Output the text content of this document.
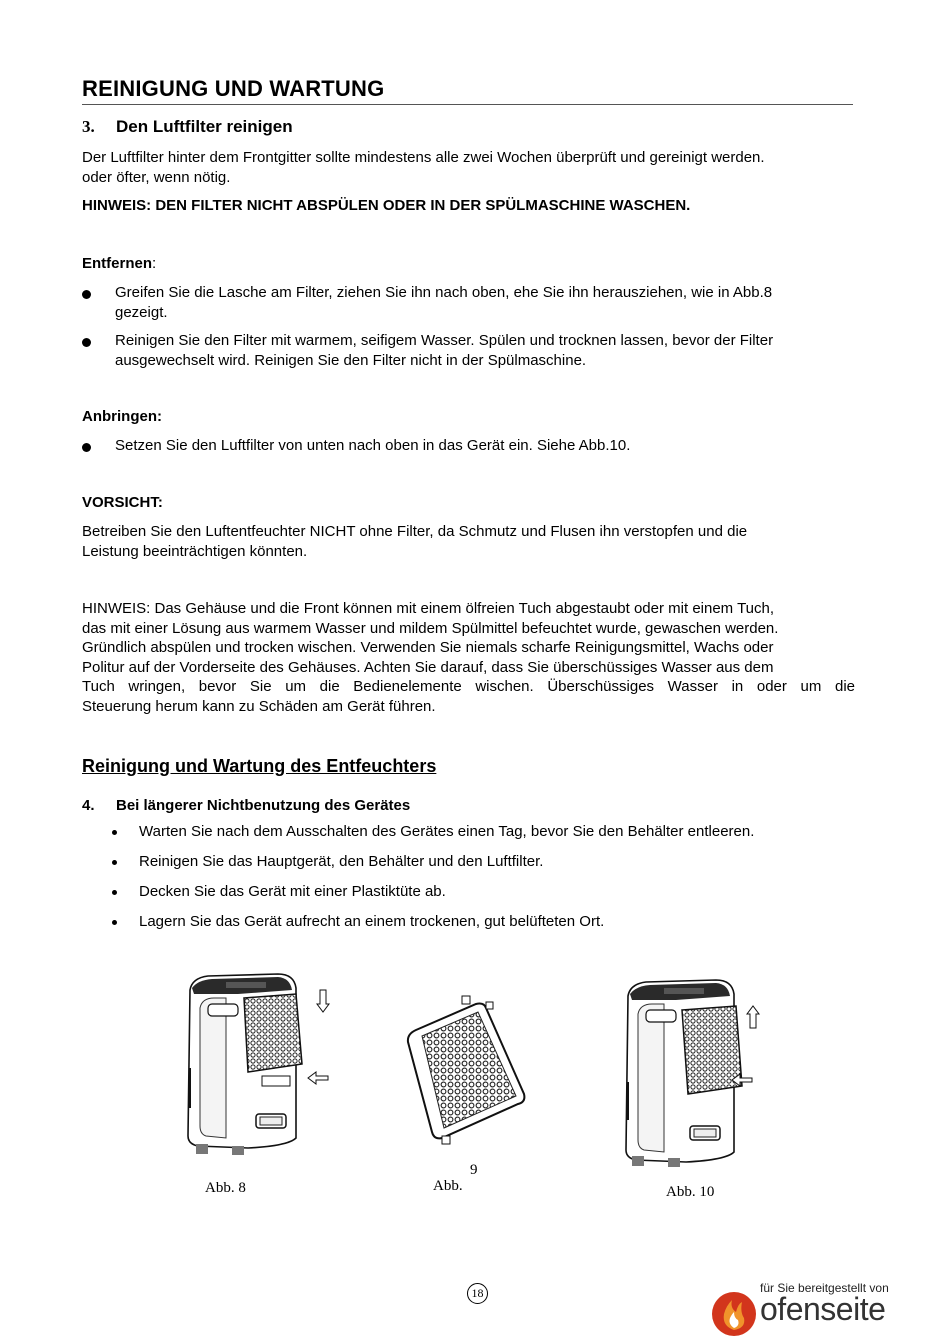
REINIGUNG UND WARTUNG
3. Den Luftfilter reinigen
Der Luftfilter hinter dem Frontgitter sollte mindestens alle zwei Wochen überprüft und gereinigt werden.
oder öfter, wenn nötig.
HINWEIS: DEN FILTER NICHT ABSPÜLEN ODER IN DER SPÜLMASCHINE WASCHEN.
Entfernen:
Greifen Sie die Lasche am Filter, ziehen Sie ihn nach oben, ehe Sie ihn herausziehen, wie in Abb.8
gezeigt.
Reinigen Sie den Filter mit warmem, seifigem Wasser. Spülen und trocknen lassen, bevor der Filter
ausgewechselt wird. Reinigen Sie den Filter nicht in der Spülmaschine.
Anbringen:
Setzen Sie den Luftfilter von unten nach oben in das Gerät ein. Siehe Abb.10.
VORSICHT:
Betreiben Sie den Luftentfeuchter NICHT ohne Filter, da Schmutz und Flusen ihn verstopfen und die
Leistung beeinträchtigen könnten.
HINWEIS: Das Gehäuse und die Front können mit einem ölfreien Tuch abgestaubt oder mit einem Tuch,
das mit einer Lösung aus warmem Wasser und mildem Spülmittel befeuchtet wurde, gewaschen werden.
Gründlich abspülen und trocken wischen. Verwenden Sie niemals scharfe Reinigungsmittel, Wachs oder
Politur auf der Vorderseite des Gehäuses. Achten Sie darauf, dass Sie überschüssiges Wasser aus dem
Tuch wringen, bevor Sie um die Bedienelemente wischen. Überschüssiges Wasser in oder um die
Steuerung herum kann zu Schäden am Gerät führen.
Reinigung und Wartung des Entfeuchters
4. Bei längerer Nichtbenutzung des Gerätes
Warten Sie nach dem Ausschalten des Gerätes einen Tag, bevor Sie den Behälter entleeren.
Reinigen Sie das Hauptgerät, den Behälter und den Luftfilter.
Decken Sie das Gerät mit einer Plastiktüte ab.
Lagern Sie das Gerät aufrecht an einem trockenen, gut belüfteten Ort.
Abb. 8
9
Abb.	Abb. 10
18	für Sie bereitgestellt von
ofenseite
